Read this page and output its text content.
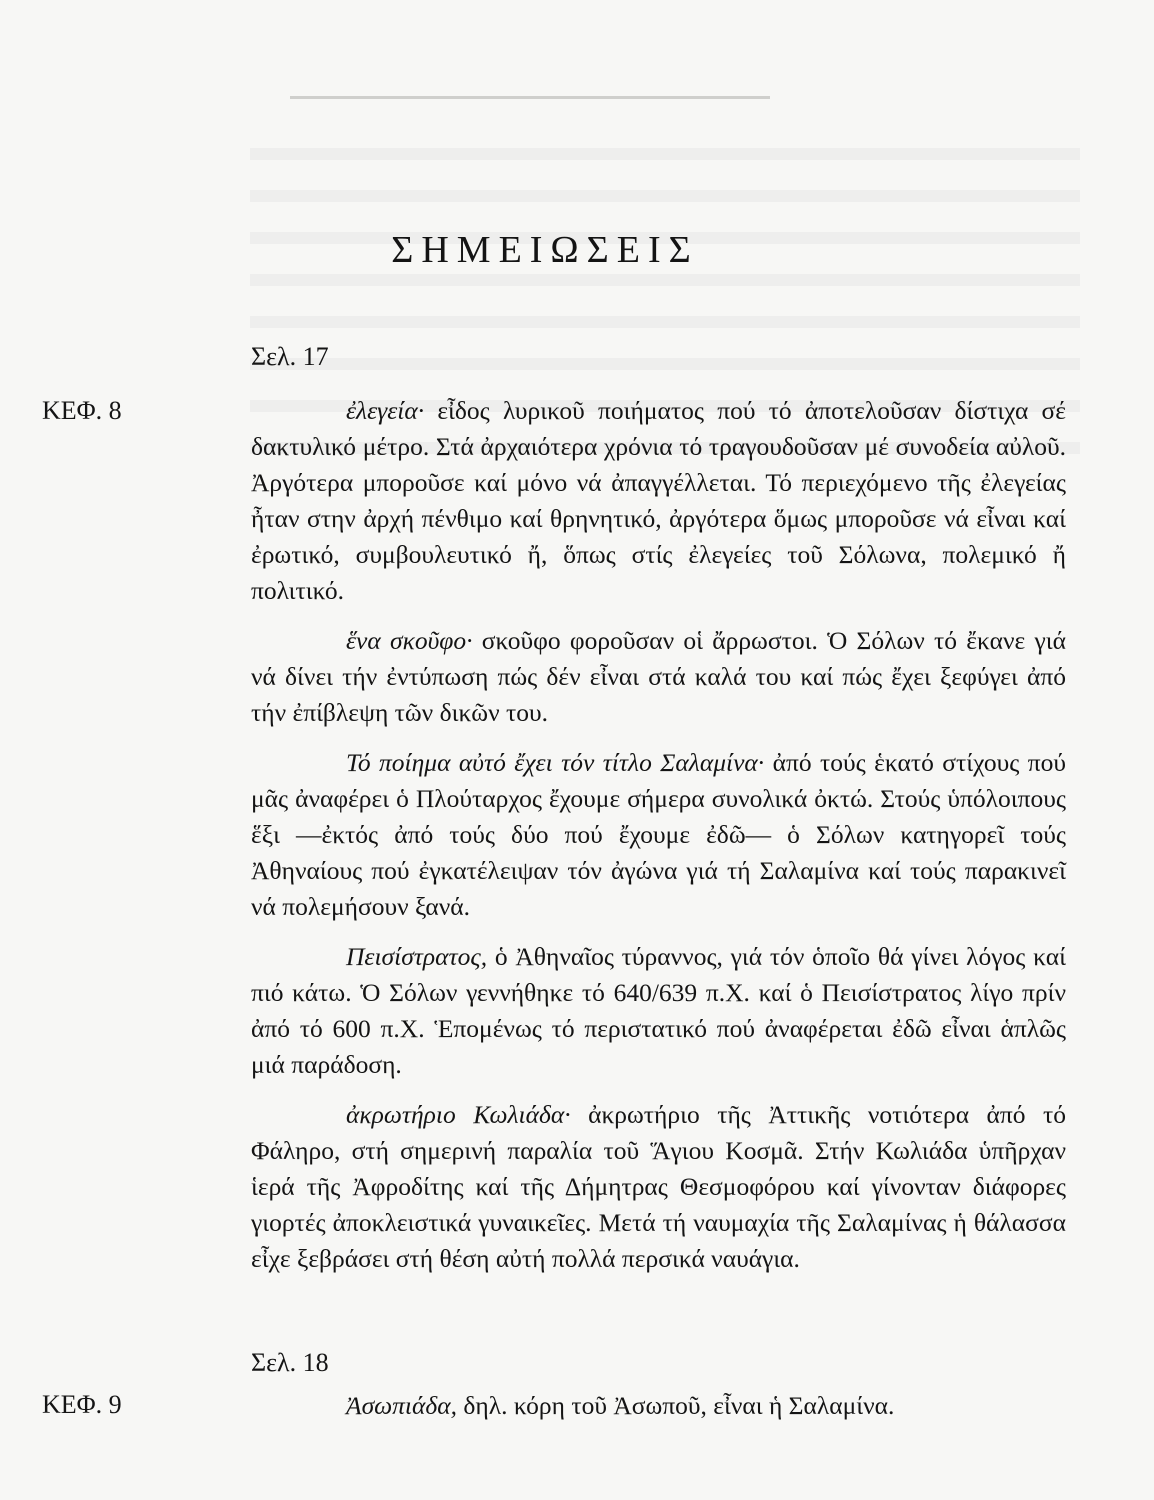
ΣΗΜΕΙΩΣΕΙΣ
Σελ. 17
ΚΕΦ. 8	ἐλεγεία· εἶδος λυρικοῦ ποιήματος πού τό ἀποτελοῦσαν δίστιχα σέ δακτυλικό μέτρο. Στά ἀρχαιότερα χρόνια τό τραγουδοῦσαν μέ συνοδεία αὐλοῦ. Ἀργότερα μποροῦσε καί μόνο νά ἀπαγγέλλεται. Τό περιεχόμενο τῆς ἐλεγείας ἦταν στην ἀρχή πένθιμο καί θρηνητικό, ἀργότερα ὅμως μποροῦσε νά εἶναι καί ἐρωτικό, συμβουλευτικό ἤ, ὅπως στίς ἐλεγείες τοῦ Σόλωνα, πολεμικό ἤ πολιτικό.

ἕνα σκοῦφο· σκοῦφο φοροῦσαν οἱ ἄρρωστοι. Ὁ Σόλων τό ἔκανε γιά νά δίνει τήν ἐντύπωση πώς δέν εἶναι στά καλά του καί πώς ἔχει ξεφύγει ἀπό τήν ἐπίβλεψη τῶν δικῶν του.

Τό ποίημα αὐτό ἔχει τόν τίτλο Σαλαμίνα· ἀπό τούς ἑκατό στίχους πού μᾶς ἀναφέρει ὁ Πλούταρχος ἔχουμε σήμερα συνολικά ὀκτώ. Στούς ὑπόλοιπους ἕξι —ἐκτός ἀπό τούς δύο πού ἔχουμε ἐδῶ— ὁ Σόλων κατηγορεῖ τούς Ἀθηναίους πού ἐγκατέλειψαν τόν ἀγώνα γιά τή Σαλαμίνα καί τούς παρακινεῖ νά πολεμήσουν ξανά.

Πεισίστρατος, ὁ Ἀθηναῖος τύραννος, γιά τόν ὁποῖο θά γίνει λόγος καί πιό κάτω. Ὁ Σόλων γεννήθηκε τό 640/639 π.Χ. καί ὁ Πεισίστρατος λίγο πρίν ἀπό τό 600 π.Χ. Ἑπομένως τό περιστατικό πού ἀναφέρεται ἐδῶ εἶναι ἁπλῶς μιά παράδοση.

ἀκρωτήριο Κωλιάδα· ἀκρωτήριο τῆς Ἀττικῆς νοτιότερα ἀπό τό Φάληρο, στή σημερινή παραλία τοῦ Ἅγιου Κοσμᾶ. Στήν Κωλιάδα ὑπῆρχαν ἱερά τῆς Ἀφροδίτης καί τῆς Δήμητρας Θεσμοφόρου καί γίνονταν διάφορες γιορτές ἀποκλειστικά γυναικεῖες. Μετά τή ναυμαχία τῆς Σαλαμίνας ἡ θάλασσα εἶχε ξεβράσει στή θέση αὐτή πολλά περσικά ναυάγια.

Σελ. 18
ΚΕΦ. 9	Ἀσωπιάδα, δηλ. κόρη τοῦ Ἀσωποῦ, εἶναι ἡ Σαλαμίνα.
